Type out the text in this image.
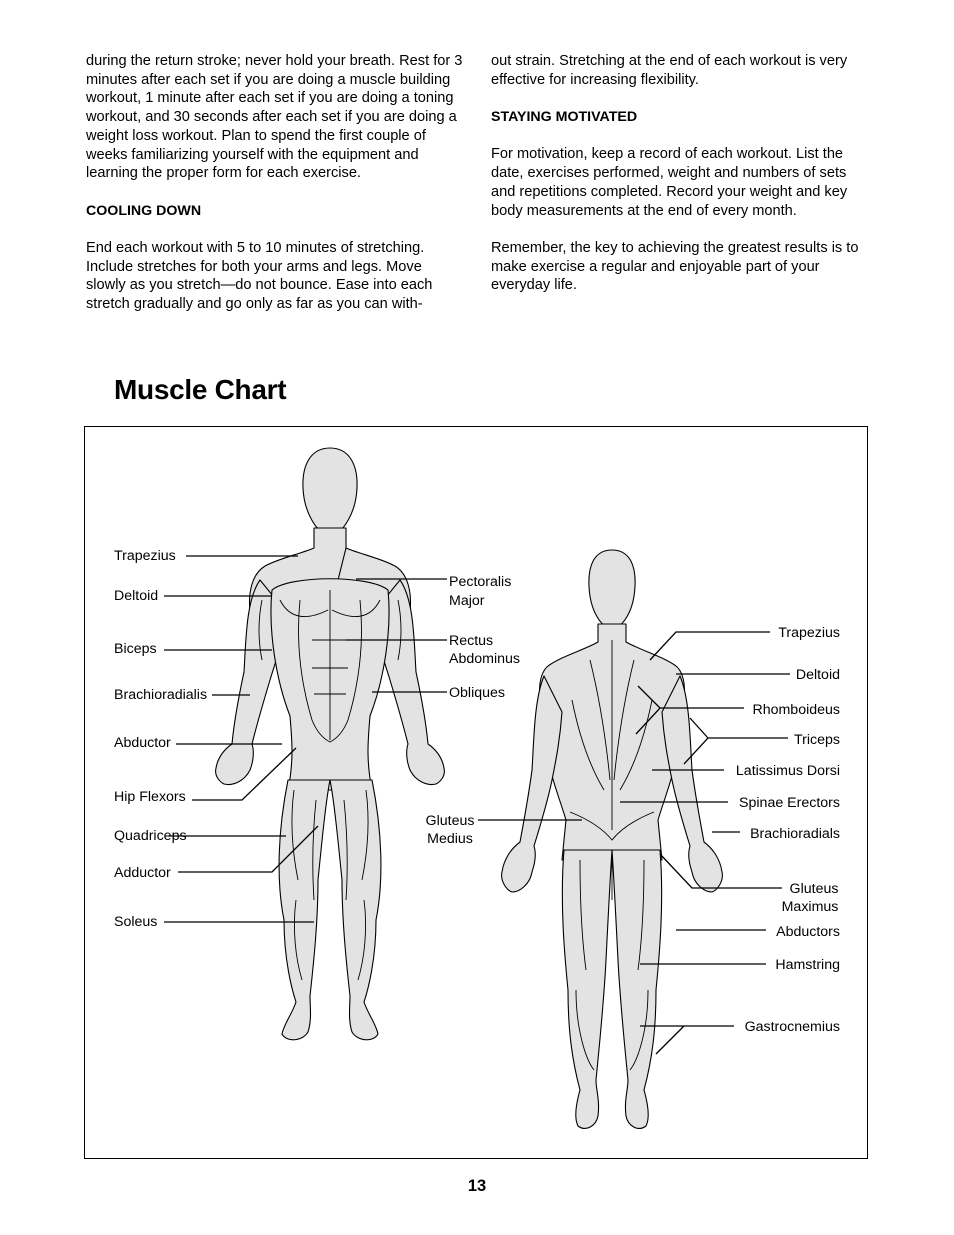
during the return stroke; never hold your breath. Rest for 3 minutes after each set if you are doing a muscle building workout, 1 minute after each set if you are doing a toning workout, and 30 seconds after each set if you are doing a weight loss workout. Plan to spend the first couple of weeks familiarizing yourself with the equipment and learning the proper form for each exercise.

COOLING DOWN

End each workout with 5 to 10 minutes of stretching. Include stretches for both your arms and legs. Move slowly as you stretch—do not bounce. Ease into each stretch gradually and go only as far as you can with-

out strain. Stretching at the end of each workout is very effective for increasing flexibility.

STAYING MOTIVATED

For motivation, keep a record of each workout. List the date, exercises performed, weight and numbers of sets and repetitions completed. Record your weight and key body measurements at the end of every month.

Remember, the key to achieving the greatest results is to make exercise a regular and enjoyable part of your everyday life.

Muscle Chart
Trapezius
Deltoid
Biceps
Brachioradialis
Abductor
Hip Flexors
Quadriceps
Adductor
Soleus
Pectoralis
Major
Rectus
Abdominus
Obliques
Gluteus
Medius
Trapezius
Deltoid
Rhomboideus
Triceps
Latissimus Dorsi
Spinae Erectors
Brachioradials
Gluteus
Maximus
Abductors
Hamstring
Gastrocnemius
13
